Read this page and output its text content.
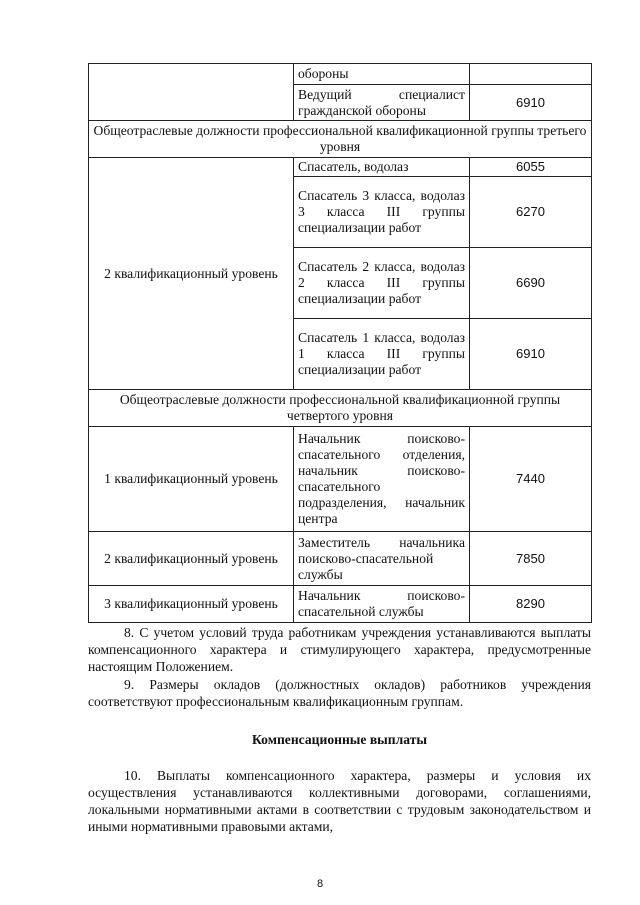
	обороны	
	Ведущий специалист гражданской обороны	6910
Общеотраслевые должности профессиональной квалификационной группы третьего уровня		
2 квалификационный уровень	Спасатель, водолаз	6055
	Спасатель 3 класса, водолаз 3 класса III группы специализации работ	6270
	Спасатель 2 класса, водолаз 2 класса III группы специализации работ	6690
	Спасатель 1 класса, водолаз 1 класса III группы специализации работ	6910
Общеотраслевые должности профессиональной квалификационной группы четвертого уровня		
1 квалификационный уровень	Начальник поисково-спасательного отделения, начальник поисково-спасательного подразделения, начальник центра	7440
2 квалификационный уровень	Заместитель начальника поисково-спасательной службы	7850
3 квалификационный уровень	Начальник поисково-спасательной службы	8290

8. С учетом условий труда работникам учреждения устанавливаются выплаты компенсационного характера и стимулирующего характера, предусмотренные настоящим Положением.

9. Размеры окладов (должностных окладов) работников учреждения соответствуют профессиональным квалификационным группам.

Компенсационные выплаты

10. Выплаты компенсационного характера, размеры и условия их осуществления устанавливаются коллективными договорами, соглашениями, локальными нормативными актами в соответствии с трудовым законодательством и иными нормативными правовыми актами,

8
